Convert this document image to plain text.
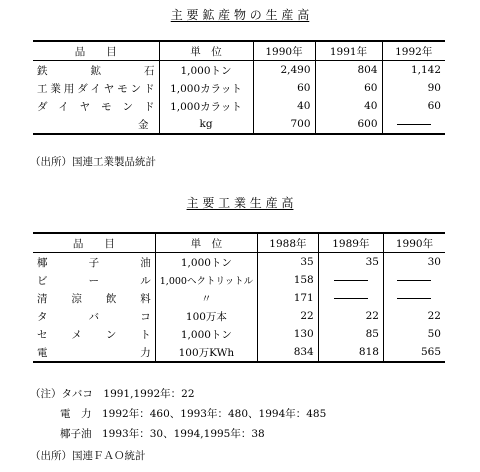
主 要 鉱 産 物 の 生 産 高
品　　目	単　位	1990年	1991年	1992年
鉄　鉱　石	1,000トン	2,490	804	1,142
工業用ダイヤモンド	1,000カラット	60	60	90
ダイヤモンド	1,000カラット	40	40	60
金	kg	700	600	
（出所）国連工業製品統計
主 要 工 業 生 産 高
品　　目	単　位	1988年	1989年	1990年
椰　子　油	1,000トン	35	35	30
ビ　ー　ル	1,000ヘクトリットル	158		
清　涼　飲　料	〃	171		
タ　バ　コ	100万本	22	22	22
セ　メ　ン　ト	1,000トン	130	85	50
電　　力	100万KWh	834	818	565
（注）タバコ　1991,1992年：22
電　力　1992年：460、1993年：480、1994年：485
椰子油　1993年：30、1994,1995年：38
（出所）国連ＦＡＯ統計
